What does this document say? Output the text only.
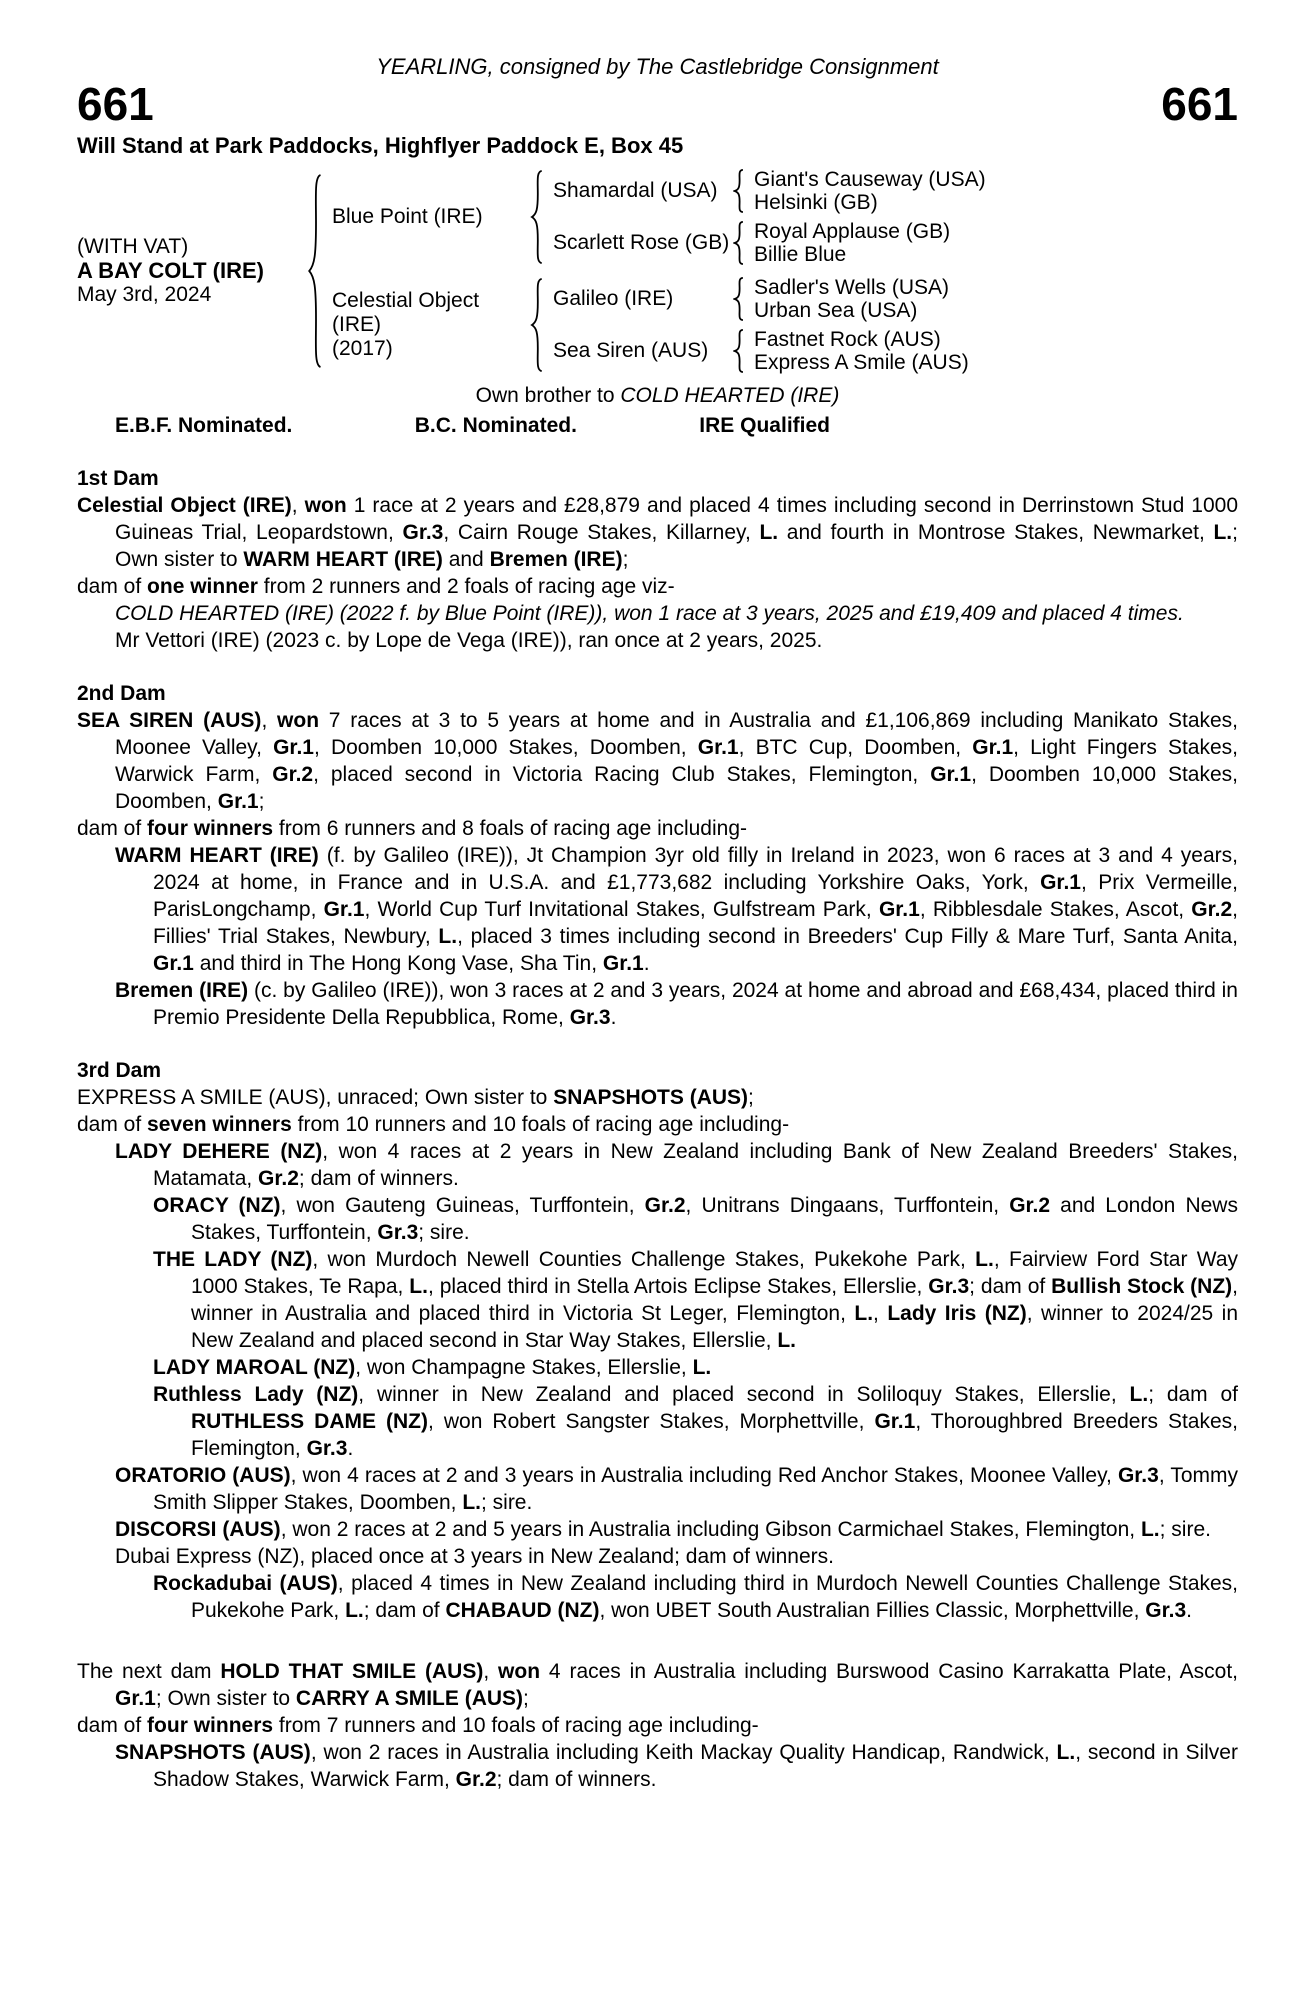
YEARLING, consigned by The Castlebridge Consignment
661	661
Will Stand at Park Paddocks, Highflyer Paddock E, Box 45
(WITH VAT)
A BAY COLT (IRE)
May 3rd, 2024
Blue Point (IRE)
Shamardal (USA)	Giant's Causeway (USA)
Helsinki (GB)
Scarlett Rose (GB) Royal Applause (GB)
Billie Blue
Celestial Object (IRE)
(2017)
Galileo (IRE)	Sadler's Wells (USA)
Urban Sea (USA)
Sea Siren (AUS)	Fastnet Rock (AUS)
Express A Smile (AUS)
Own brother to COLD HEARTED (IRE)
E.B.F. Nominated.	B.C. Nominated.	IRE Qualified
1st Dam
Celestial Object (IRE), won 1 race at 2 years and £28,879 and placed 4 times including second in Derrinstown Stud 1000 Guineas Trial, Leopardstown, Gr.3, Cairn Rouge Stakes, Killarney, L. and fourth in Montrose Stakes, Newmarket, L.; Own sister to WARM HEART (IRE) and Bremen (IRE);
dam of one winner from 2 runners and 2 foals of racing age viz-
COLD HEARTED (IRE) (2022 f. by Blue Point (IRE)), won 1 race at 3 years, 2025 and £19,409 and placed 4 times.
Mr Vettori (IRE) (2023 c. by Lope de Vega (IRE)), ran once at 2 years, 2025.
2nd Dam
SEA SIREN (AUS), won 7 races at 3 to 5 years at home and in Australia and £1,106,869 including Manikato Stakes, Moonee Valley, Gr.1, Doomben 10,000 Stakes, Doomben, Gr.1, BTC Cup, Doomben, Gr.1, Light Fingers Stakes, Warwick Farm, Gr.2, placed second in Victoria Racing Club Stakes, Flemington, Gr.1, Doomben 10,000 Stakes, Doomben, Gr.1;
dam of four winners from 6 runners and 8 foals of racing age including-
WARM HEART (IRE) (f. by Galileo (IRE)), Jt Champion 3yr old filly in Ireland in 2023, won 6 races at 3 and 4 years, 2024 at home, in France and in U.S.A. and £1,773,682 including Yorkshire Oaks, York, Gr.1, Prix Vermeille, ParisLongchamp, Gr.1, World Cup Turf Invitational Stakes, Gulfstream Park, Gr.1, Ribblesdale Stakes, Ascot, Gr.2, Fillies' Trial Stakes, Newbury, L., placed 3 times including second in Breeders' Cup Filly & Mare Turf, Santa Anita, Gr.1 and third in The Hong Kong Vase, Sha Tin, Gr.1.
Bremen (IRE) (c. by Galileo (IRE)), won 3 races at 2 and 3 years, 2024 at home and abroad and £68,434, placed third in Premio Presidente Della Repubblica, Rome, Gr.3.
3rd Dam
EXPRESS A SMILE (AUS), unraced; Own sister to SNAPSHOTS (AUS);
dam of seven winners from 10 runners and 10 foals of racing age including-
LADY DEHERE (NZ), won 4 races at 2 years in New Zealand including Bank of New Zealand Breeders' Stakes, Matamata, Gr.2; dam of winners.
ORACY (NZ), won Gauteng Guineas, Turffontein, Gr.2, Unitrans Dingaans, Turffontein, Gr.2 and London News Stakes, Turffontein, Gr.3; sire.
THE LADY (NZ), won Murdoch Newell Counties Challenge Stakes, Pukekohe Park, L., Fairview Ford Star Way 1000 Stakes, Te Rapa, L., placed third in Stella Artois Eclipse Stakes, Ellerslie, Gr.3; dam of Bullish Stock (NZ), winner in Australia and placed third in Victoria St Leger, Flemington, L., Lady Iris (NZ), winner to 2024/25 in New Zealand and placed second in Star Way Stakes, Ellerslie, L.
LADY MAROAL (NZ), won Champagne Stakes, Ellerslie, L.
Ruthless Lady (NZ), winner in New Zealand and placed second in Soliloquy Stakes, Ellerslie, L.; dam of RUTHLESS DAME (NZ), won Robert Sangster Stakes, Morphettville, Gr.1, Thoroughbred Breeders Stakes, Flemington, Gr.3.
ORATORIO (AUS), won 4 races at 2 and 3 years in Australia including Red Anchor Stakes, Moonee Valley, Gr.3, Tommy Smith Slipper Stakes, Doomben, L.; sire.
DISCORSI (AUS), won 2 races at 2 and 5 years in Australia including Gibson Carmichael Stakes, Flemington, L.; sire.
Dubai Express (NZ), placed once at 3 years in New Zealand; dam of winners.
Rockadubai (AUS), placed 4 times in New Zealand including third in Murdoch Newell Counties Challenge Stakes, Pukekohe Park, L.; dam of CHABAUD (NZ), won UBET South Australian Fillies Classic, Morphettville, Gr.3.
The next dam HOLD THAT SMILE (AUS), won 4 races in Australia including Burswood Casino Karrakatta Plate, Ascot, Gr.1; Own sister to CARRY A SMILE (AUS);
dam of four winners from 7 runners and 10 foals of racing age including-
SNAPSHOTS (AUS), won 2 races in Australia including Keith Mackay Quality Handicap, Randwick, L., second in Silver Shadow Stakes, Warwick Farm, Gr.2; dam of winners.
